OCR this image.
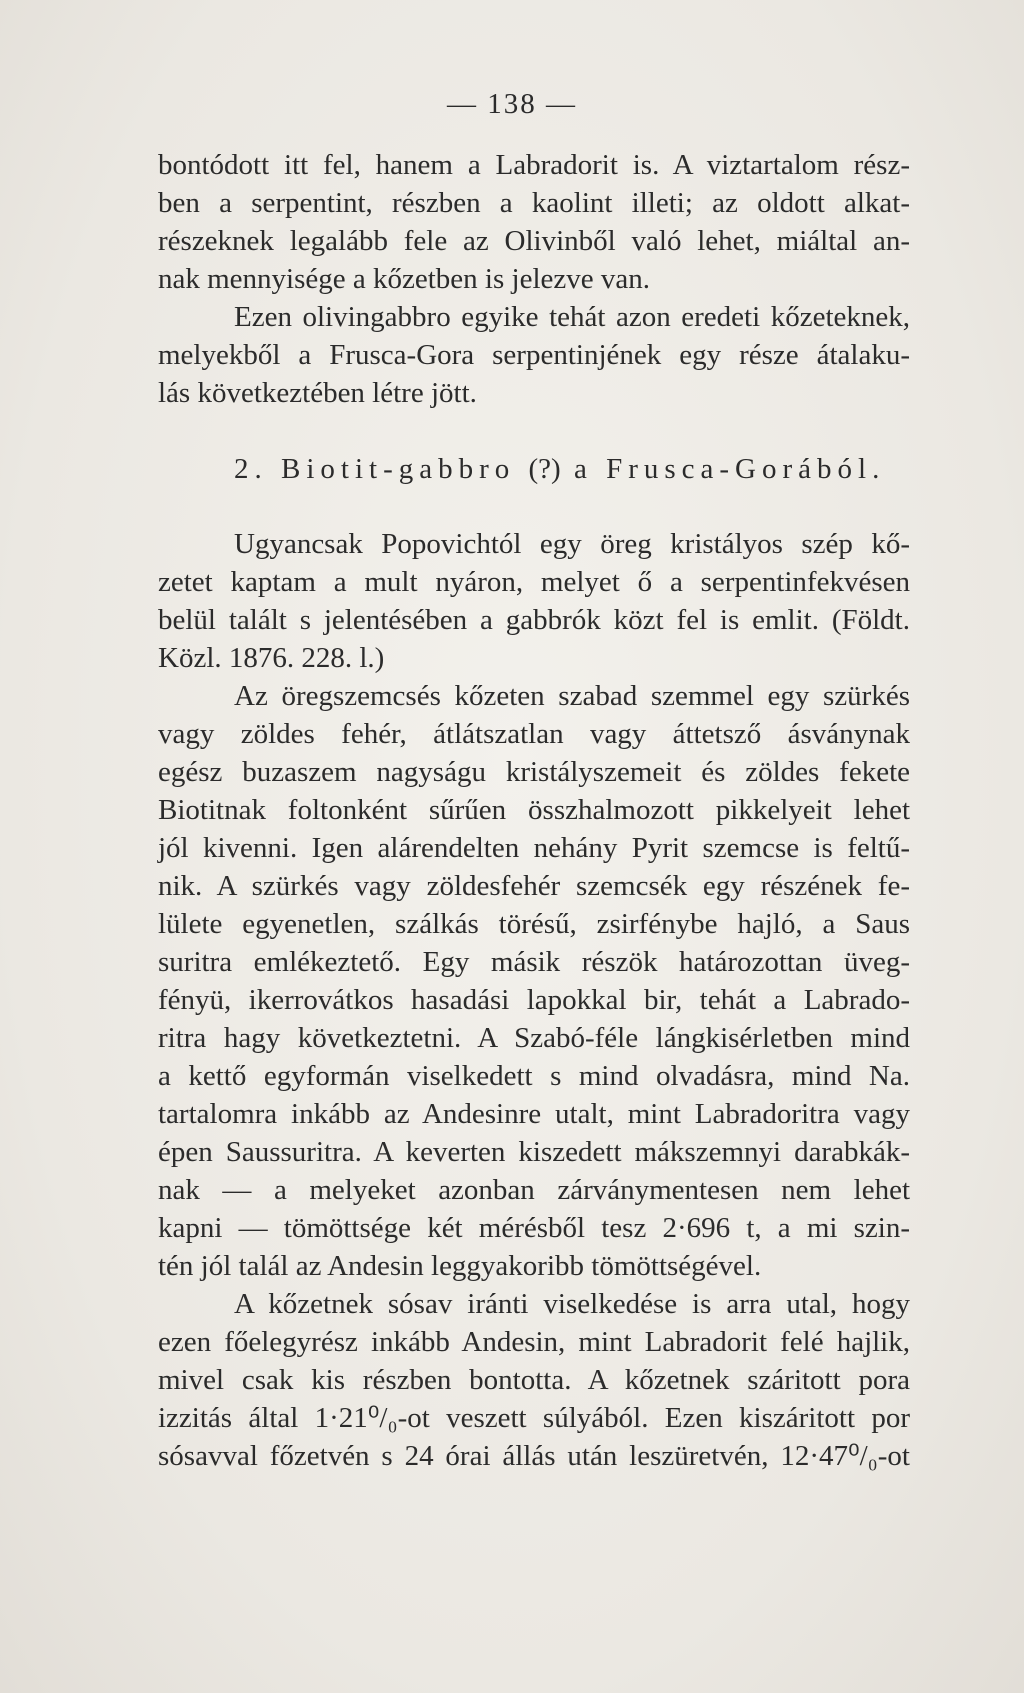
— 138 —
bontódott itt fel, hanem a Labradorit is. A viztartalom rész-
ben a serpentint, részben a kaolint illeti; az oldott alkat-
részeknek legalább fele az Olivinből való lehet, miáltal an-
nak mennyisége a kőzetben is jelezve van.
Ezen olivingabbro egyike tehát azon eredeti kőzeteknek,
melyekből a Frusca-Gora serpentinjének egy része átalaku-
lás következtében létre jött.
2. Biotit-gabbro (?) a Frusca-Gorából.
Ugyancsak Popovichtól egy öreg kristályos szép kő-
zetet kaptam a mult nyáron, melyet ő a serpentinfekvésen
belül talált s jelentésében a gabbrók közt fel is emlit. (Földt.
Közl. 1876. 228. l.)
Az öregszemcsés kőzeten szabad szemmel egy szürkés
vagy zöldes fehér, átlátszatlan vagy áttetsző ásványnak
egész buzaszem nagyságu kristályszemeit és zöldes fekete
Biotitnak foltonként sűrűen összhalmozott pikkelyeit lehet
jól kivenni. Igen alárendelten nehány Pyrit szemcse is feltű-
nik. A szürkés vagy zöldesfehér szemcsék egy részének fe-
lülete egyenetlen, szálkás törésű, zsirfénybe hajló, a Saus
suritra emlékeztető. Egy másik részök határozottan üveg-
fényü, ikerrovátkos hasadási lapokkal bir, tehát a Labrado-
ritra hagy következtetni. A Szabó-féle lángkisérletben mind
a kettő egyformán viselkedett s mind olvadásra, mind Na.
tartalomra inkább az Andesinre utalt, mint Labradoritra vagy
épen Saussuritra. A keverten kiszedett mákszemnyi darabkák-
nak — a melyeket azonban zárványmentesen nem lehet
kapni — tömöttsége két mérésből tesz 2·696 t, a mi szin-
tén jól talál az Andesin leggyakoribb tömöttségével.
A kőzetnek sósav iránti viselkedése is arra utal, hogy
ezen főelegyrész inkább Andesin, mint Labradorit felé hajlik,
mivel csak kis részben bontotta. A kőzetnek száritott pora
izzitás által 1·21⁰/₀-ot veszett súlyából. Ezen kiszáritott por
sósavval főzetvén s 24 órai állás után leszüretvén, 12·47⁰/₀-ot
